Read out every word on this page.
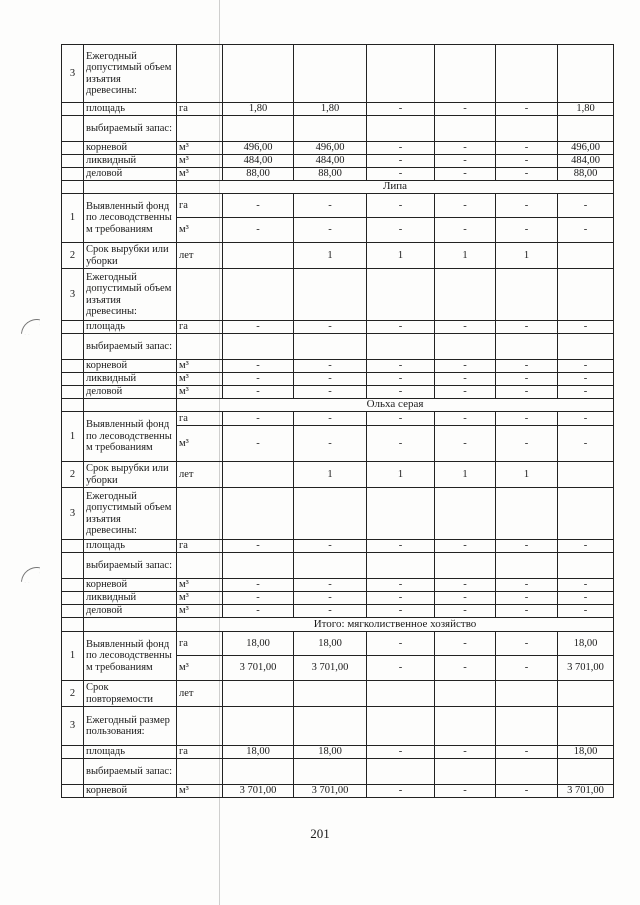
3	Ежегодный допустимый объем изъятия древесины:							
	площадь	га	1,80	1,80	-	-	-	1,80
	выбираемый запас:							
	корневой	м³	496,00	496,00	-	-	-	496,00
	ликвидный	м³	484,00	484,00	-	-	-	484,00
	деловой	м³	88,00	88,00	-	-	-	88,00
		Липа						
1	Выявленный фонд по лесоводственны м требованиям	га	-	-	-	-	-	-
		м³	-	-	-	-	-	-
2	Срок вырубки или уборки	лет		1	1	1	1	
3	Ежегодный допустимый объем изъятия древесины:							
	площадь	га	-	-	-	-	-	-
	выбираемый запас:							
	корневой	м³	-	-	-	-	-	-
	ликвидный	м³	-	-	-	-	-	-
	деловой	м³	-	-	-	-	-	-
		Ольха серая						
1	Выявленный фонд по лесоводственны м требованиям	га	-	-	-	-	-	-
		м³	-	-	-	-	-	-
2	Срок вырубки или уборки	лет		1	1	1	1	
3	Ежегодный допустимый объем изъятия древесины:							
	площадь	га	-	-	-	-	-	-
	выбираемый запас:							
	корневой	м³	-	-	-	-	-	-
	ликвидный	м³	-	-	-	-	-	-
	деловой	м³	-	-	-	-	-	-
		Итого: мягколиственное хозяйство						
1	Выявленный фонд по лесоводственны м требованиям	га	18,00	18,00	-	-	-	18,00
		м³	3 701,00	3 701,00	-	-	-	3 701,00
2	Срок повторяемости	лет						
3	Ежегодный размер пользования:							
	площадь	га	18,00	18,00	-	-	-	18,00
	выбираемый запас:							
	корневой	м³	3 701,00	3 701,00	-	-	-	3 701,00
201
